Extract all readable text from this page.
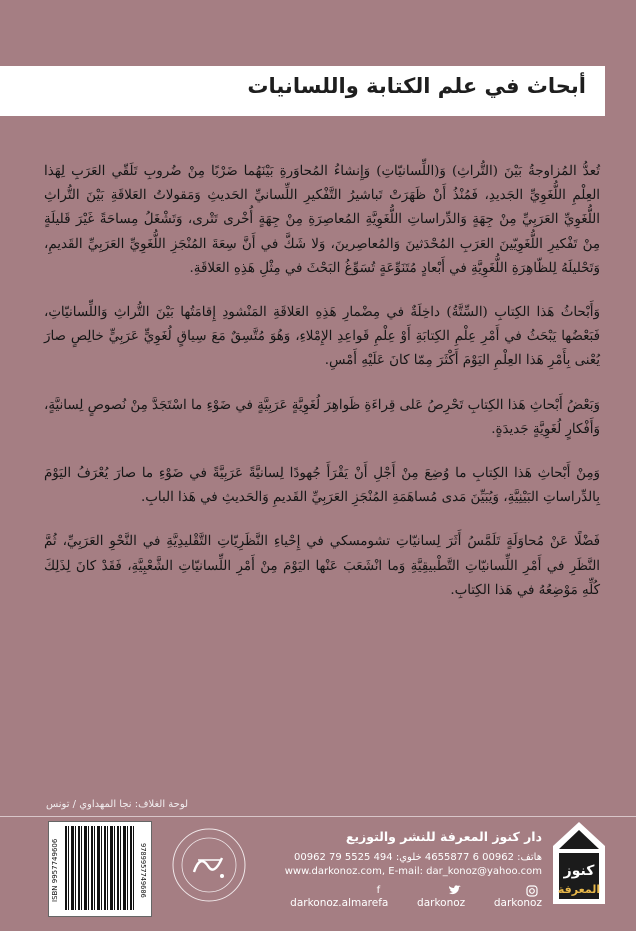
أبحاث في علم الكتابة واللسانيات

تُعدُّ المُزاوجةُ بَيْنَ (التُّراثِ) وَ(اللِّسانيّاتِ) وَإِنشاءُ المُحاوَرةِ بَيْنَهُما ضَرْبًا مِنْ ضُروبِ تَلَقّي العَرَبِ لِهَذا العِلْمِ اللُّغَوِيِّ الجَديدِ، فَمُنْذُ أَنْ ظَهَرَتْ تَباشيرُ التَّفْكيرِ اللِّسانيِّ الحَديثِ وَمَقولاتُ العَلاقَةِ بَيْنَ التُّراثِ اللُّغَوِيِّ العَرَبِيِّ مِنْ جِهَةٍ وَالدِّراساتِ اللُّغَوِيَّةِ المُعاصِرَةِ مِنْ جِهَةٍ أُخْرى تَتْرى، وَتَشْغَلُ مِساحَةً غَيْرَ قَليلَةٍ مِنْ تَفْكيرِ اللُّغَوِيّينَ العَرَبِ المُحْدَثينَ وَالمُعاصِرينَ، وَلا شَكَّ في أَنَّ سِعَةَ المُنْجَزِ اللُّغَوِيِّ العَرَبِيِّ القَديمِ، وَتَحْليلَهُ لِلظّاهِرَةِ اللُّغَوِيَّةِ في أَبْعادٍ مُتَنَوِّعَةٍ تُسَوِّغُ البَحْثَ في مِثْلِ هَذِهِ العَلاقَةِ.

وَأَبْحاثُ هَذا الكِتابِ (السِّتَّةُ) داخِلَةٌ في مِضْمارِ هَذِهِ العَلاقَةِ المَنْشودِ إِقامَتُها بَيْنَ التُّراثِ وَاللِّسانيّاتِ، فَبَعْضُها يَبْحَثُ في أَمْرِ عِلْمِ الكِتابَةِ أَوْ عِلْمِ قَواعِدِ الإِمْلاءِ، وَهُوَ مُتَّسِقٌ مَعَ سِياقٍ لُغَوِيٍّ عَرَبِيٍّ خالِصٍ صارَ يُعْنى بِأَمْرِ هَذا العِلْمِ اليَوْمَ أَكْثَرَ مِمّا كانَ عَلَيْهِ أَمْسِ.

وَبَعْضُ أَبْحاثِ هَذا الكِتابِ تَحْرِصُ عَلى قِراءَةِ ظَواهِرَ لُغَوِيَّةٍ عَرَبِيَّةٍ في ضَوْءِ ما اسْتَجَدَّ مِنْ نُصوصٍ لِسانيَّةٍ، وَأَفْكارٍ لُغَوِيَّةٍ جَديدَةٍ.

وَمِنْ أَبْحاثِ هَذا الكِتابِ ما وُضِعَ مِنْ أَجْلِ أَنْ يَقْرَأَ جُهودًا لِسانيَّةً عَرَبِيَّةً في ضَوْءِ ما صارَ يُعْرَفُ اليَوْمَ بِالدِّراساتِ البَيْنِيَّةِ، وَيُبَيِّنَ مَدى مُساهَمَةِ المُنْجَزِ العَرَبِيِّ القَديمِ وَالحَديثِ في هَذا البابِ.

فَضْلًا عَنْ مُحاوَلَةٍ تَلَمَّسُ أَثَرَ لِسانيّاتِ تشومسكي في إِحْياءِ النَّظَرِيّاتِ التَّقْليدِيَّةِ في النَّحْوِ العَرَبِيِّ، ثُمَّ النَّظَرِ في أَمْرِ اللِّسانيّاتِ التَّطْبيقِيَّةِ وَما انْشَعَبَ عَنْها اليَوْمَ مِنْ أَمْرِ اللِّسانيّاتِ الشَّعْبِيَّةِ، فَقَدْ كانَ لِذَلِكَ كُلِّهِ مَوْضِعُهُ في هَذا الكِتابِ.

لوحة الغلاف: نجا المهداوي / تونس
ISBN 9957749606	9789957749606
دار كنوز المعرفة للنشر والتوزيع
هاتف: 00962 6 4655877 خلوي: 494 5525 79 00962
www.darkonoz.com, E-mail: dar_konoz@yahoo.com
f darkonoz.almarefa	darkonoz	darkonoz
كنوز
المعرفة
